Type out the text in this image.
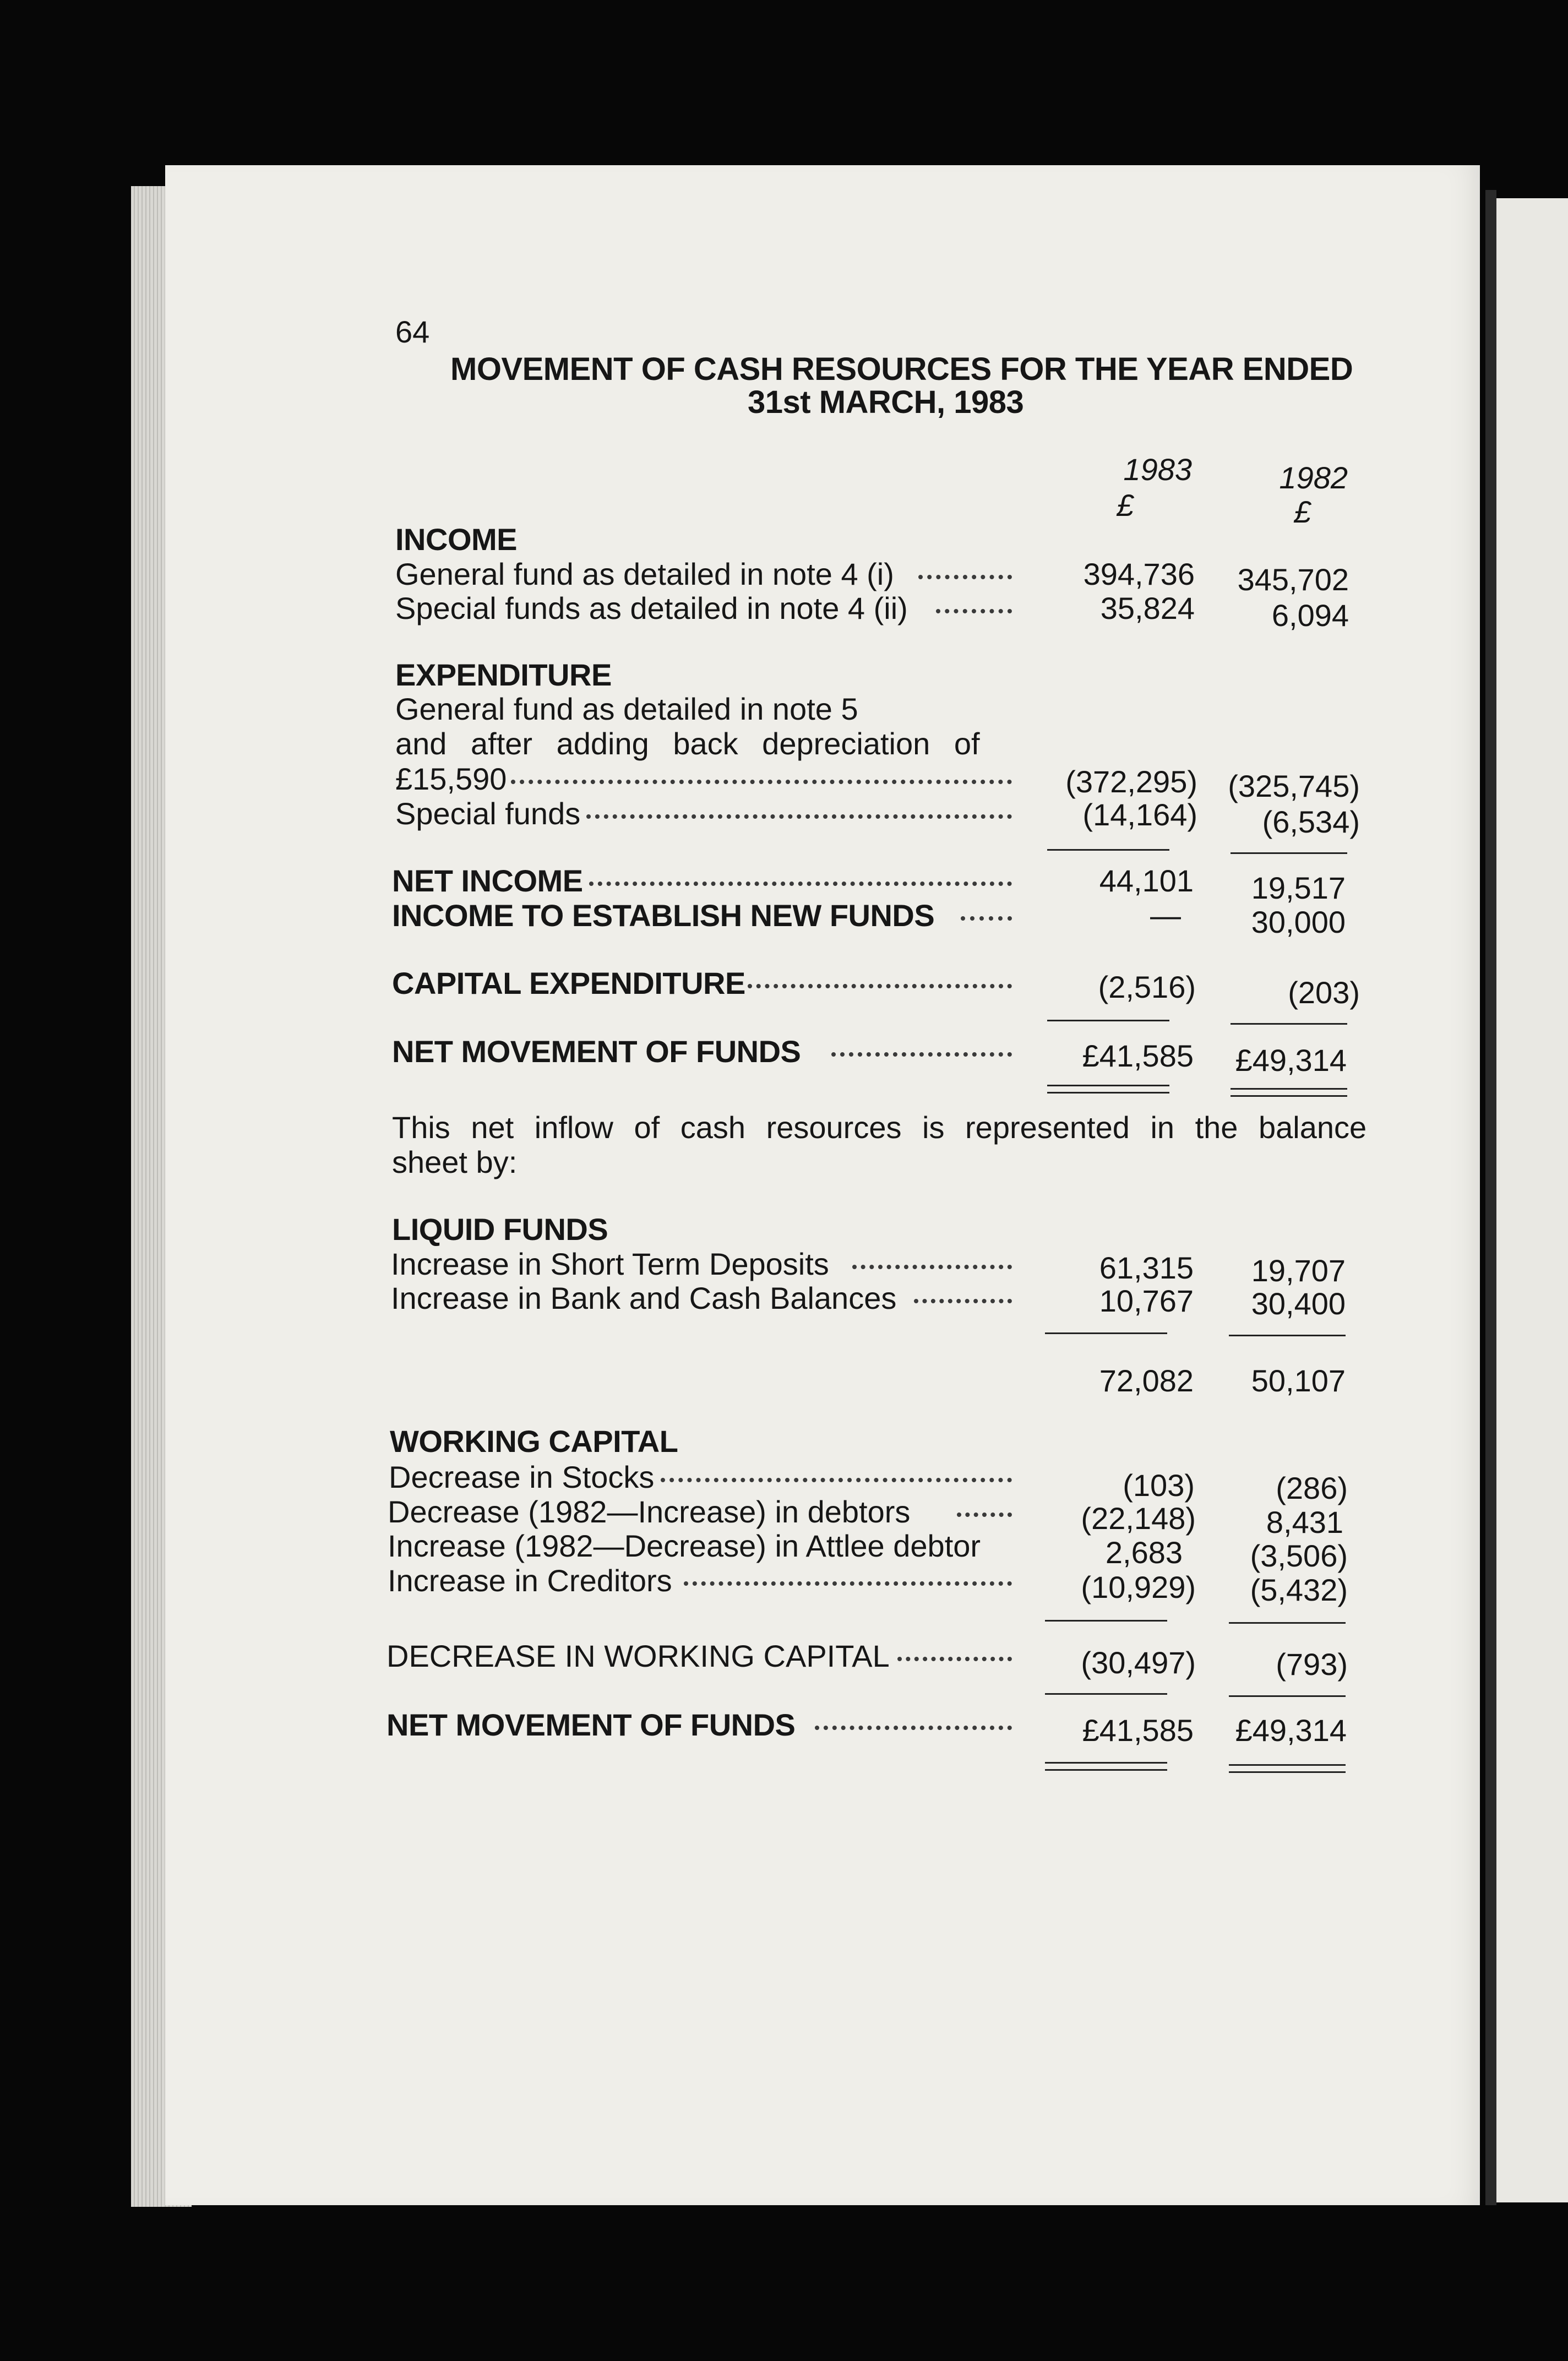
64
MOVEMENT OF CASH RESOURCES FOR THE YEAR ENDED
31st MARCH, 1983
1983	1982
£	£
INCOME
General fund as detailed in note 4 (i)	394,736	345,702
Special funds as detailed in note 4 (ii)	35,824	6,094
EXPENDITURE
General fund as detailed in note 5
and after adding back depreciation of
£15,590	(372,295) (325,745)
Special funds	(14,164)	(6,534)
NET INCOME	44,101	19,517
INCOME TO ESTABLISH NEW FUNDS	—	30,000
CAPITAL EXPENDITURE	(2,516)	(203)
NET MOVEMENT OF FUNDS	£41,585	£49,314
This net inflow of cash resources is represented in the balance
sheet by:
LIQUID FUNDS
Increase in Short Term Deposits	61,315	19,707
Increase in Bank and Cash Balances	10,767	30,400
72,082	50,107
WORKING CAPITAL
Decrease in Stocks	(103)	(286)
Decrease (1982—Increase) in debtors	(22,148)	8,431
Increase (1982—Decrease) in Attlee debtor	2,683	(3,506)
Increase in Creditors	(10,929)	(5,432)
DECREASE IN WORKING CAPITAL	(30,497)	(793)
NET MOVEMENT OF FUNDS	£41,585	£49,314
